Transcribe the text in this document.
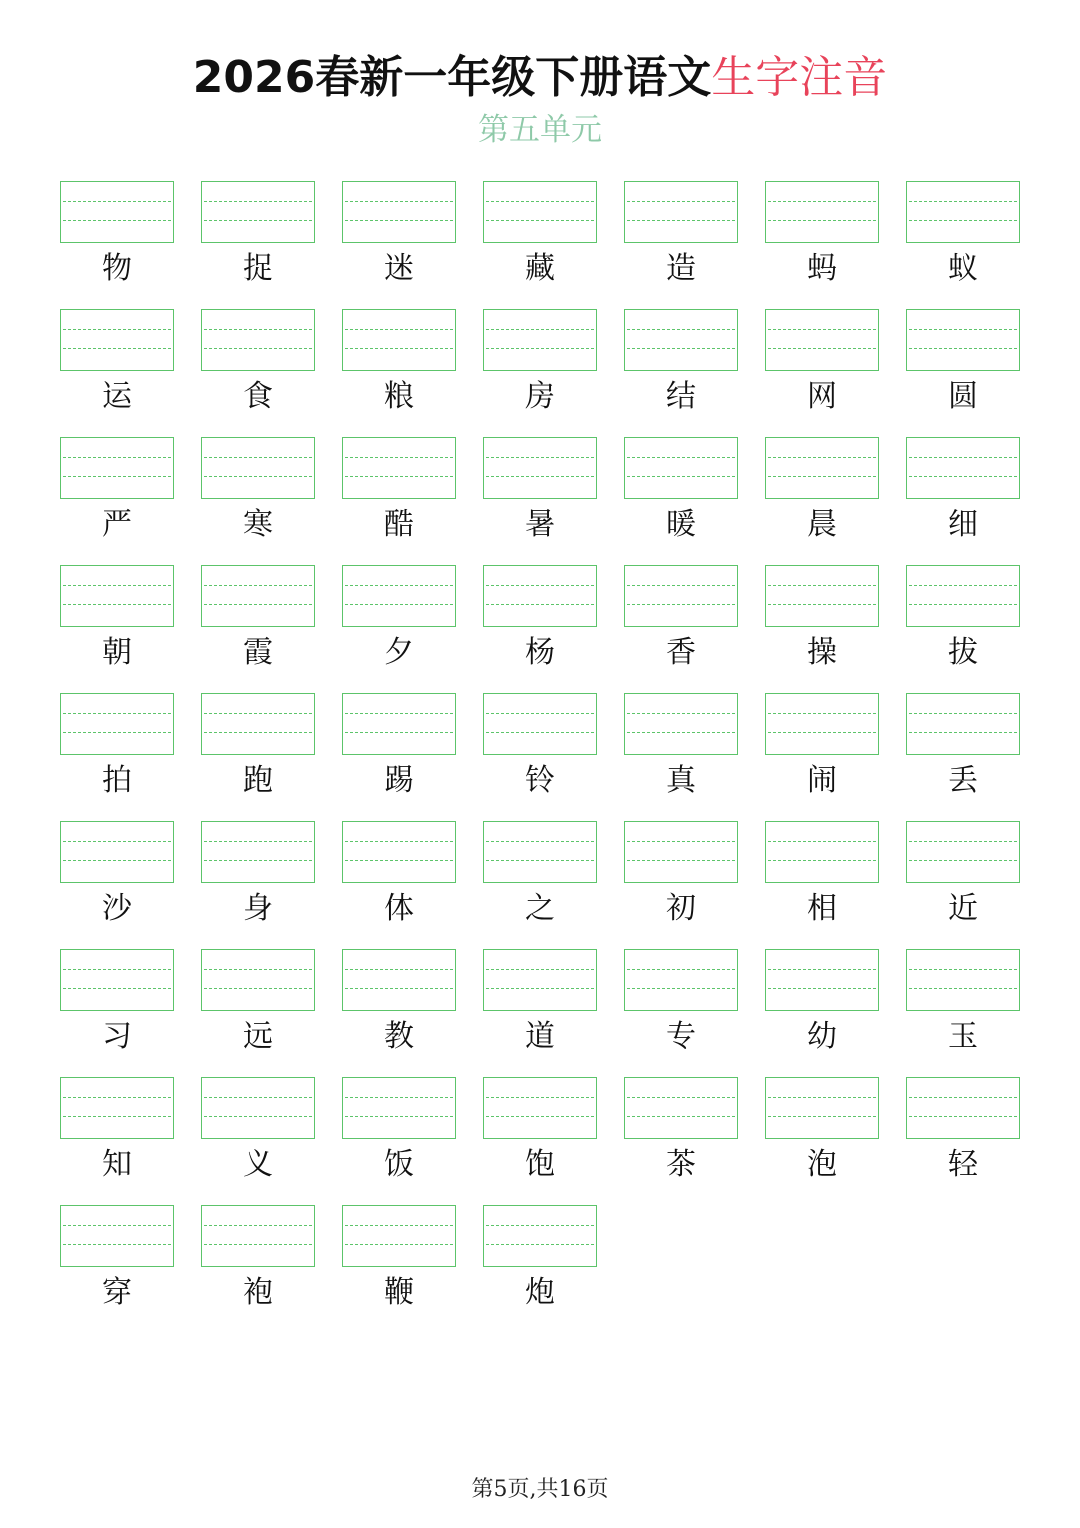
2026春新一年级下册语文生字注音
第五单元
物	捉	迷	藏	造	蚂	蚁
运	食	粮	房	结	网	圆
严	寒	酷	暑	暖	晨	细
朝	霞	夕	杨	香	操	拔
拍	跑	踢	铃	真	闹	丢
沙	身	体	之	初	相	近
习	远	教	道	专	幼	玉
知	义	饭	饱	茶	泡	轻
穿	袍	鞭	炮
第5页,共16页
